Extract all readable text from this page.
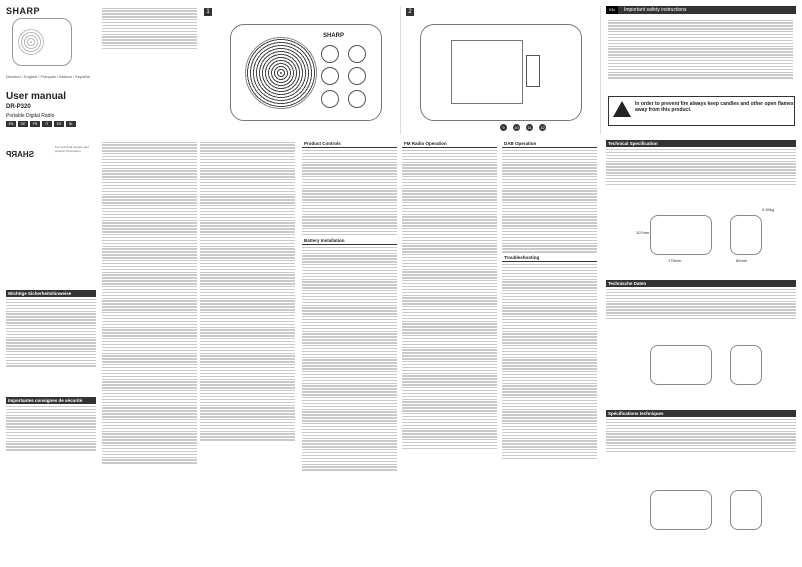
SHARP
Deutsch / English / Français / Italiano / Español
User manual
DR-P320
Portable Digital Radio
EN	DE	FR	IT	ES	NL
SHARP
For technical support and product information
1
SHARP
2
9	10	11	12
Important safety instructions
EN
In order to prevent fire always keep candles and other open flames away from this product.
Wichtige Sicherheitshinweise
Importantes consignes de sécurité
Product Controls
Battery Installation
FM Radio Operation	DAB Operation
Troubleshooting
Technical Specification
175mm
107mm
80mm
0.55kg
Technische Daten
Spécifications techniques
